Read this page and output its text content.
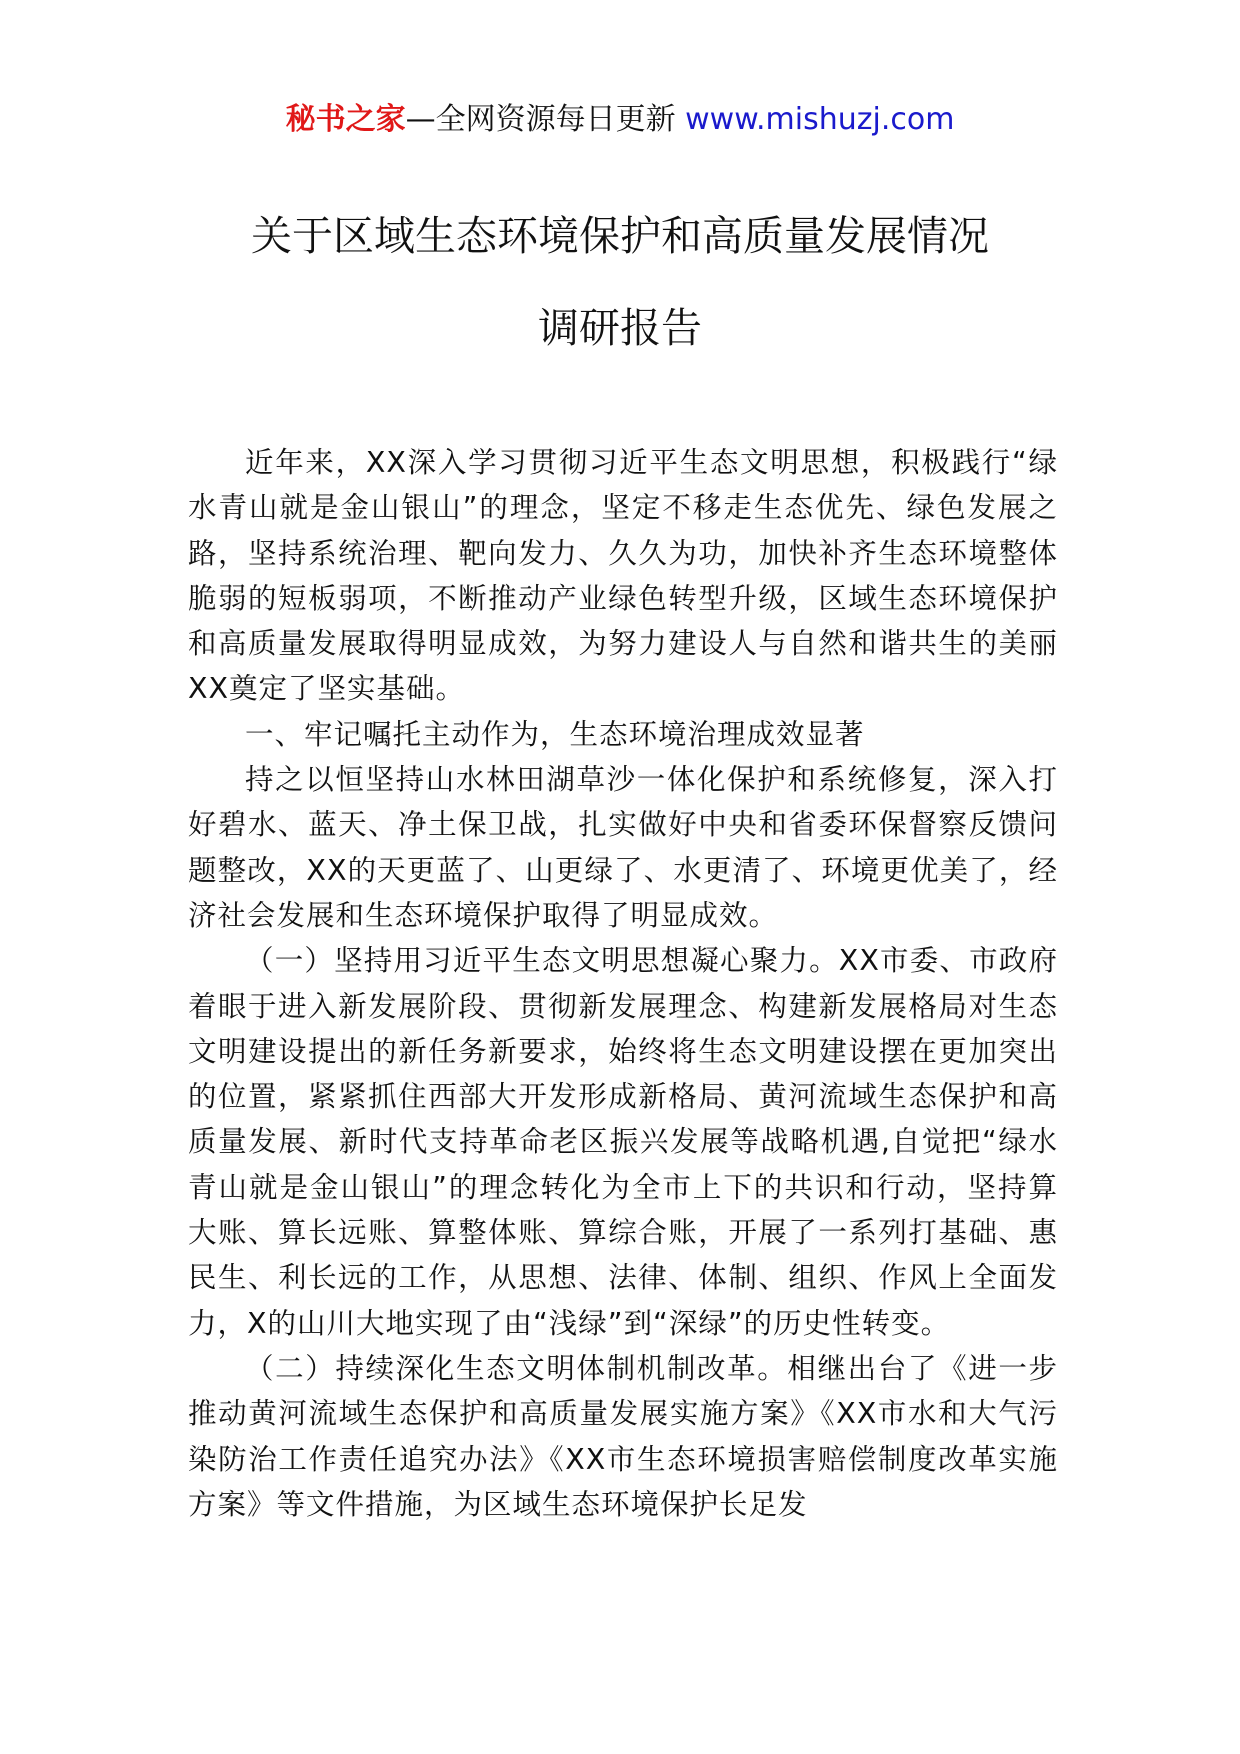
秘书之家—全网资源每日更新 www.mishuzj.com
关于区域生态环境保护和高质量发展情况
调研报告

近年来，XX深入学习贯彻习近平生态文明思想，积极践行“绿水青山就是金山银山”的理念，坚定不移走生态优先、绿色发展之路，坚持系统治理、靶向发力、久久为功，加快补齐生态环境整体脆弱的短板弱项，不断推动产业绿色转型升级，区域生态环境保护和高质量发展取得明显成效，为努力建设人与自然和谐共生的美丽XX奠定了坚实基础。

一、牢记嘱托主动作为，生态环境治理成效显著

持之以恒坚持山水林田湖草沙一体化保护和系统修复，深入打好碧水、蓝天、净土保卫战，扎实做好中央和省委环保督察反馈问题整改，XX的天更蓝了、山更绿了、水更清了、环境更优美了，经济社会发展和生态环境保护取得了明显成效。

（一）坚持用习近平生态文明思想凝心聚力。XX市委、市政府着眼于进入新发展阶段、贯彻新发展理念、构建新发展格局对生态文明建设提出的新任务新要求，始终将生态文明建设摆在更加突出的位置，紧紧抓住西部大开发形成新格局、黄河流域生态保护和高质量发展、新时代支持革命老区振兴发展等战略机遇,自觉把“绿水青山就是金山银山”的理念转化为全市上下的共识和行动，坚持算大账、算长远账、算整体账、算综合账，开展了一系列打基础、惠民生、利长远的工作，从思想、法律、体制、组织、作风上全面发力，X的山川大地实现了由“浅绿”到“深绿”的历史性转变。

（二）持续深化生态文明体制机制改革。相继出台了《进一步推动黄河流域生态保护和高质量发展实施方案》《XX市水和大气污染防治工作责任追究办法》《XX市生态环境损害赔偿制度改革实施方案》等文件措施，为区域生态环境保护长足发
